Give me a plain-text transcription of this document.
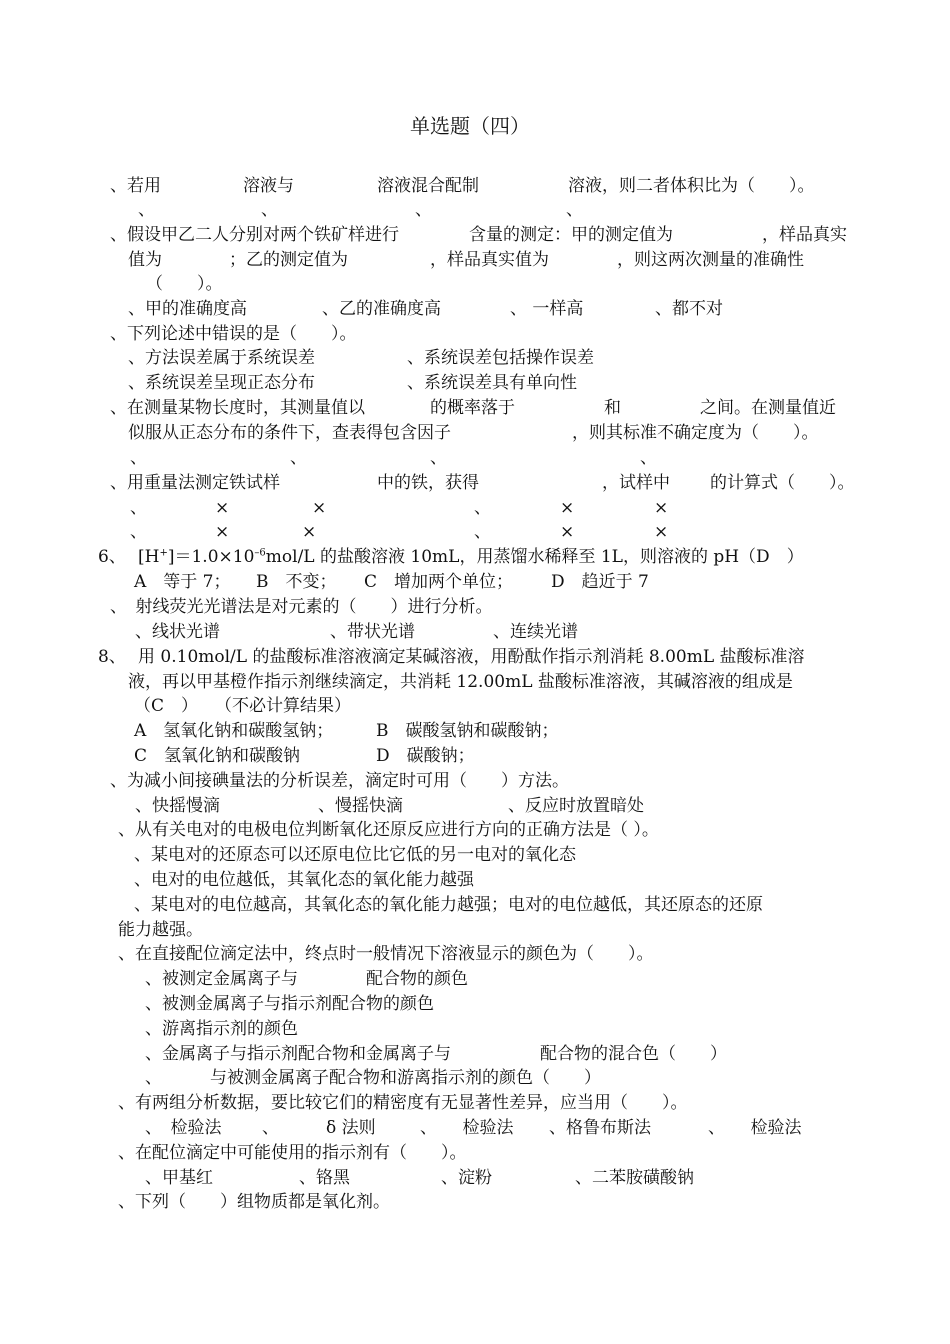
单选题（四）
、若用	溶液与	溶液混合配制	溶液，则二者体积比为（　　）。
、	、	、	、
、假设甲乙二人分别对两个铁矿样进行	含量的测定：甲的测定值为	，样品真实
值为	；乙的测定值为	，样品真实值为	，则这两次测量的准确性
（　　）。
、甲的准确度高	、乙的准确度高	、 一样高	、都不对
、下列论述中错误的是（　　）。
、方法误差属于系统误差	、系统误差包括操作误差
、系统误差呈现正态分布	、系统误差具有单向性
、在测量某物长度时，其测量值以	的概率落于	和	之间。在测量值近
似服从正态分布的条件下，查表得包含因子	，则其标准不确定度为（　　）。
、	、	、	、
、用重量法测定铁试样	中的铁，获得	，试样中 的计算式（　　）。
、	×	×	、	×	×
、	×	×	、	×	×
6、 $[H^+]=1.0\times 10^{-6}mol/L$ 的盐酸溶液 10mL，用蒸馏水稀释至 1L，则溶液的 pH（D　）
A　等于 7； B　不变； C　增加两个单位； D　趋近于 7
、　射线荧光光谱法是对元素的（　　）进行分析。
、线状光谱	、带状光谱	、连续光谱
8、 用 0.10mol/L 的盐酸标准溶液滴定某碱溶液，用酚酞作指示剂消耗 8.00mL 盐酸标准溶
液，再以甲基橙作指示剂继续滴定，共消耗 12.00mL 盐酸标准溶液，其碱溶液的组成是
（C　）　　（不必计算结果）
A　氢氧化钠和碳酸氢钠；	B　碳酸氢钠和碳酸钠；
C　氢氧化钠和碳酸钠	D　碳酸钠；
、为减小间接碘量法的分析误差，滴定时可用（　　）方法。
、快摇慢滴	、慢摇快滴	、反应时放置暗处
、从有关电对的电极电位判断氧化还原反应进行方向的正确方法是（ ）。
、某电对的还原态可以还原电位比它低的另一电对的氧化态
、电对的电位越低，其氧化态的氧化能力越强
、某电对的电位越高，其氧化态的氧化能力越强；电对的电位越低，其还原态的还原
能力越强。
、在直接配位滴定法中，终点时一般情况下溶液显示的颜色为（　　）。
、被测定金属离子与	配合物的颜色
、被测金属离子与指示剂配合物的颜色
、游离指示剂的颜色
、金属离子与指示剂配合物和金属离子与	配合物的混合色（　　）
、	与被测金属离子配合物和游离指示剂的颜色（　　）
、有两组分析数据，要比较它们的精密度有无显著性差异，应当用（　　）。
、　检验法 、	δ 法则	、　　检验法 、格鲁布斯法	、　　检验法
、在配位滴定中可能使用的指示剂有（　　）。
、甲基红	、铬黑	、淀粉	、二苯胺磺酸钠
、下列（　　）组物质都是氧化剂。
